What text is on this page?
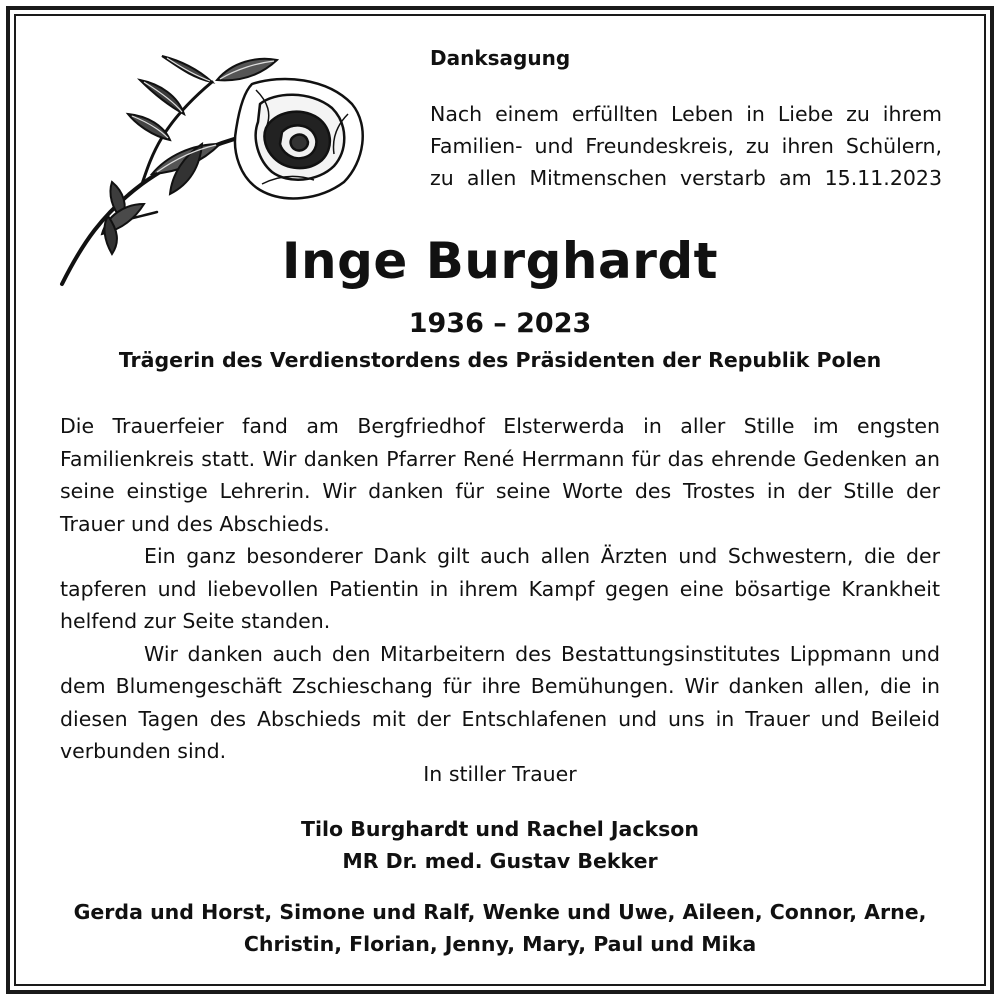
Danksagung
Nach einem erfüllten Leben in Liebe zu ihrem
Familien- und Freundeskreis, zu ihren Schülern,
zu allen Mitmenschen verstarb am 15.11.2023
Inge Burghardt
1936 – 2023
Trägerin des Verdienstordens des Präsidenten der Republik Polen

Die Trauerfeier fand am Bergfriedhof Elsterwerda in aller Stille im engsten Familienkreis statt. Wir danken Pfarrer René Herrmann für das ehrende Gedenken an seine einstige Lehrerin. Wir danken für seine Worte des Trostes in der Stille der Trauer und des Abschieds.

Ein ganz besonderer Dank gilt auch allen Ärzten und Schwestern, die der tapferen und liebevollen Patientin in ihrem Kampf gegen eine bösartige Krankheit helfend zur Seite standen.

Wir danken auch den Mitarbeitern des Bestattungsinstitutes Lippmann und dem Blumengeschäft Zschieschang für ihre Bemühungen. Wir danken allen, die in diesen Tagen des Abschieds mit der Entschlafenen und uns in Trauer und Beileid verbunden sind.

In stiller Trauer
Tilo Burghardt und Rachel Jackson
MR Dr. med. Gustav Bekker
Gerda und Horst, Simone und Ralf, Wenke und Uwe, Aileen, Connor, Arne, Christin, Florian, Jenny, Mary, Paul und Mika
